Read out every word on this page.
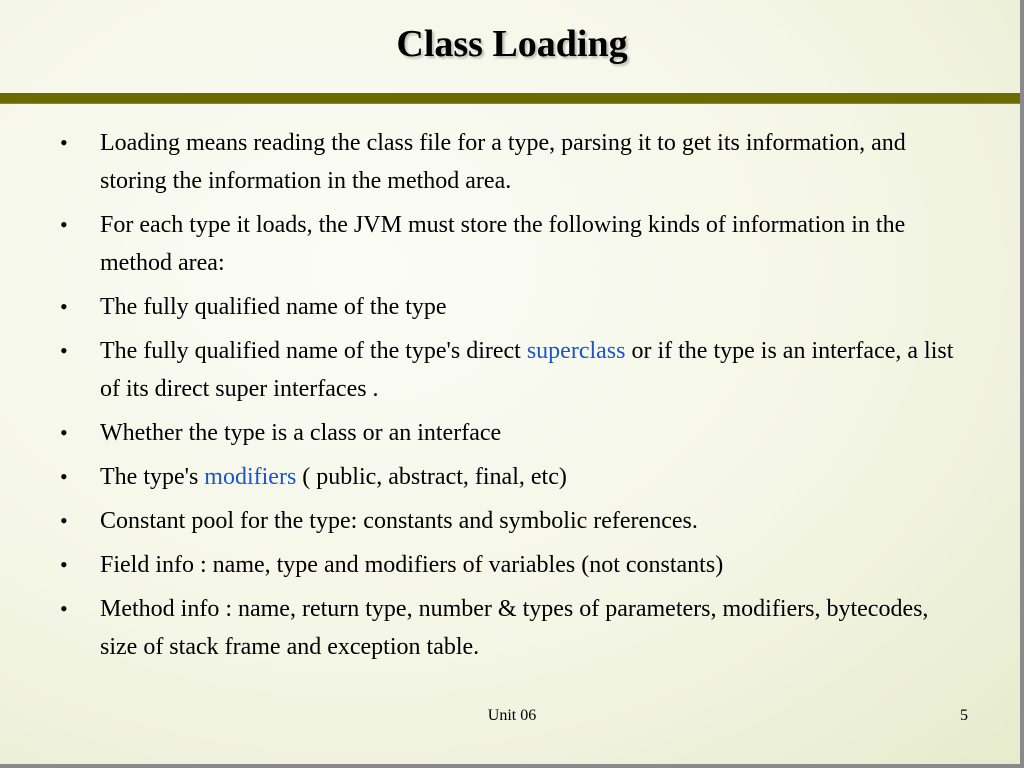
Class Loading
•	Loading means reading the class file for a type, parsing it to get its information, and storing the information in the method area.
•	For each type it loads, the JVM must store the following kinds of information in the method area:
•	The fully qualified name of the type
•	The fully qualified name of the type's direct superclass or if the type is an interface, a list of its direct super interfaces .
•	Whether the type is a class or an interface
•	The type's modifiers ( public, abstract, final, etc)
•	Constant pool for the type: constants and symbolic references.
•	Field info : name, type and modifiers of variables (not constants)
•	Method info : name, return type, number & types of parameters, modifiers, bytecodes, size of stack frame and exception table.
Unit 06	5
